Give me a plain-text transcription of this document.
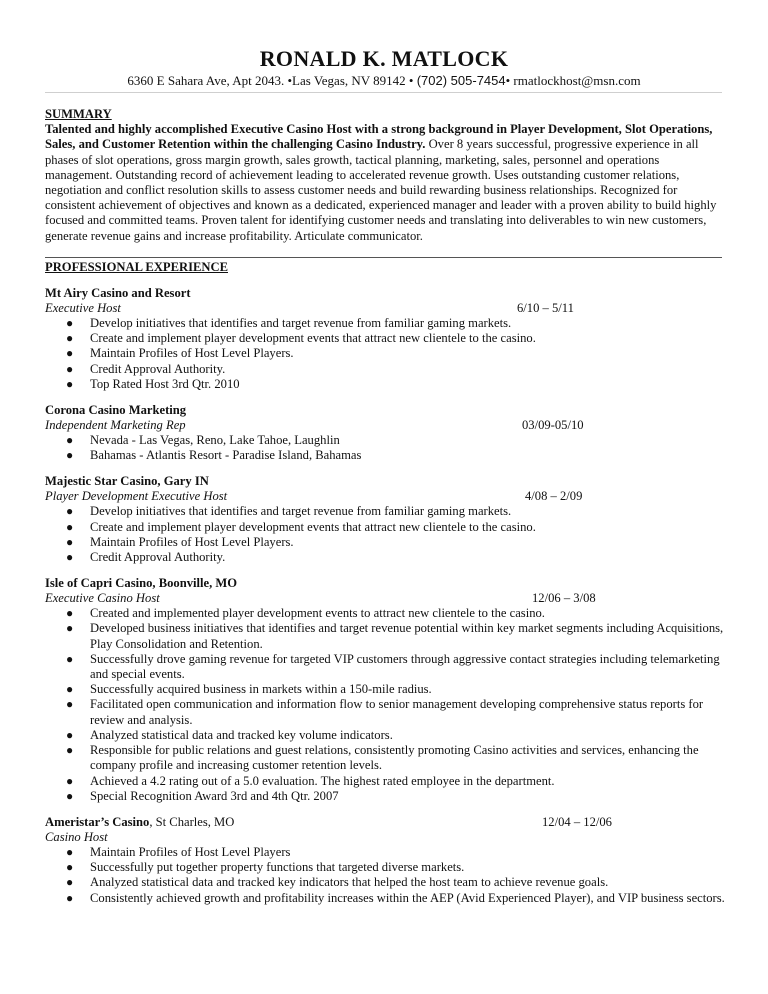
RONALD K. MATLOCK
6360 E Sahara Ave, Apt 2043. •Las Vegas, NV 89142 • (702) 505-7454• rmatlockhost@msn.com
SUMMARY
Talented and highly accomplished Executive Casino Host with a strong background in Player Development, Slot Operations, Sales, and Customer Retention within the challenging Casino Industry. Over 8 years successful, progressive experience in all phases of slot operations, gross margin growth, sales growth, tactical planning, marketing, sales, personnel and operations management. Outstanding record of achievement leading to accelerated revenue growth. Uses outstanding customer relations, negotiation and conflict resolution skills to assess customer needs and build rewarding business relationships. Recognized for consistent achievement of objectives and known as a dedicated, experienced manager and leader with a proven ability to build highly focused and committed teams. Proven talent for identifying customer needs and translating into deliverables to win new customers, generate revenue gains and increase profitability. Articulate communicator.
PROFESSIONAL EXPERIENCE
Mt Airy Casino and Resort
Executive Host	6/10 – 5/11
● Develop initiatives that identifies and target revenue from familiar gaming markets.
● Create and implement player development events that attract new clientele to the casino.
● Maintain Profiles of Host Level Players.
● Credit Approval Authority.
● Top Rated Host 3rd Qtr. 2010
Corona Casino Marketing
Independent Marketing Rep	03/09-05/10
● Nevada - Las Vegas, Reno, Lake Tahoe, Laughlin
● Bahamas - Atlantis Resort - Paradise Island, Bahamas
Majestic Star Casino, Gary IN
Player Development Executive Host	4/08 – 2/09
● Develop initiatives that identifies and target revenue from familiar gaming markets.
● Create and implement player development events that attract new clientele to the casino.
● Maintain Profiles of Host Level Players.
● Credit Approval Authority.
Isle of Capri Casino, Boonville, MO
Executive Casino Host	12/06 – 3/08
● Created and implemented player development events to attract new clientele to the casino.
● Developed business initiatives that identifies and target revenue potential within key market segments including Acquisitions, Play Consolidation and Retention.
● Successfully drove gaming revenue for targeted VIP customers through aggressive contact strategies including telemarketing and special events.
● Successfully acquired business in markets within a 150-mile radius.
● Facilitated open communication and information flow to senior management developing comprehensive status reports for review and analysis.
● Analyzed statistical data and tracked key volume indicators.
● Responsible for public relations and guest relations, consistently promoting Casino activities and services, enhancing the company profile and increasing customer retention levels.
● Achieved a 4.2 rating out of a 5.0 evaluation. The highest rated employee in the department.
● Special Recognition Award 3rd and 4th Qtr. 2007
Ameristar’s Casino, St Charles, MO	12/04 – 12/06
Casino Host
● Maintain Profiles of Host Level Players
● Successfully put together property functions that targeted diverse markets.
● Analyzed statistical data and tracked key indicators that helped the host team to achieve revenue goals.
● Consistently achieved growth and profitability increases within the AEP (Avid Experienced Player), and VIP business sectors.
